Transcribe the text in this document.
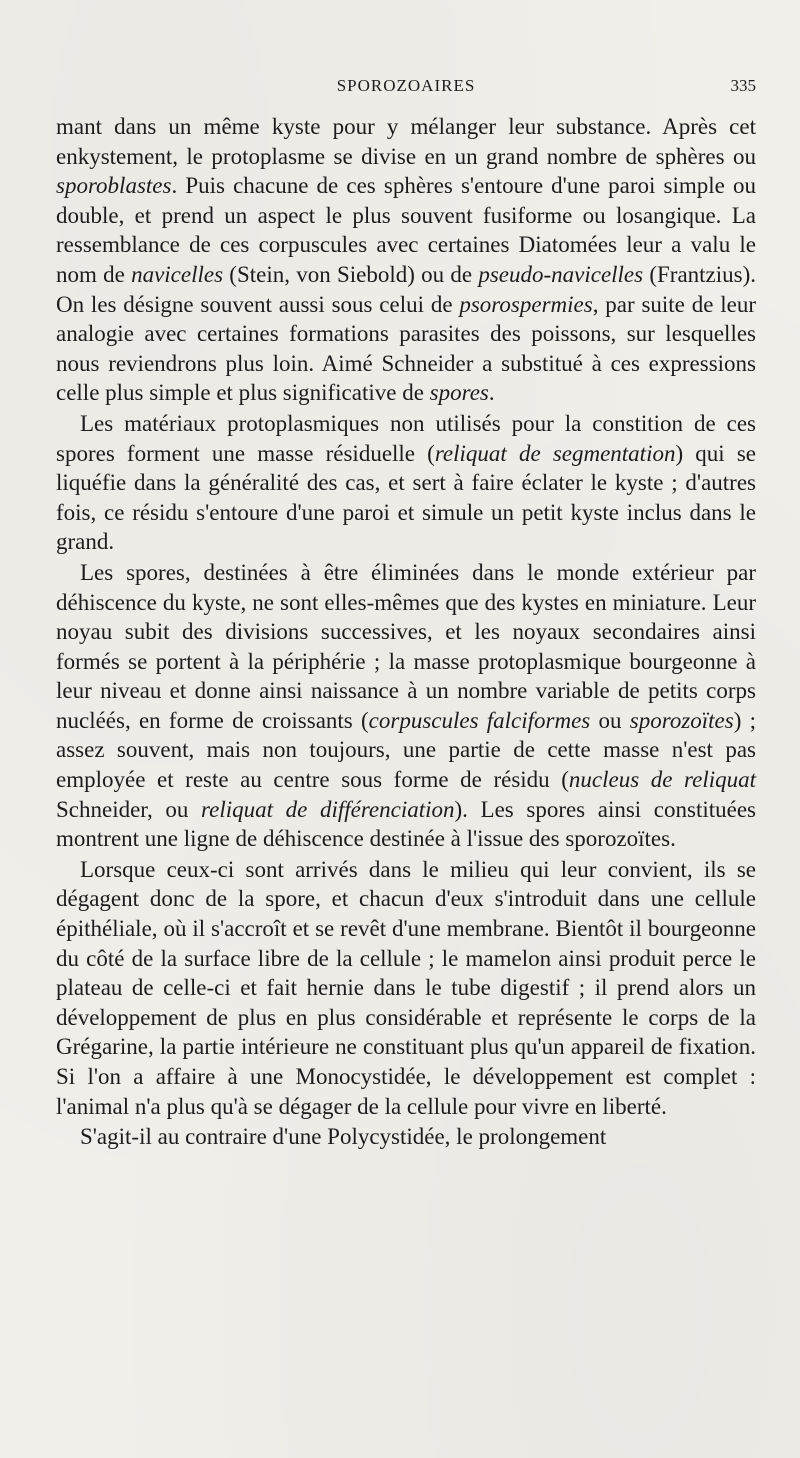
SPOROZOAIRES	335

mant dans un même kyste pour y mélanger leur substance. Après cet enkystement, le protoplasme se divise en un grand nombre de sphères ou sporoblastes. Puis chacune de ces sphères s'entoure d'une paroi simple ou double, et prend un aspect le plus souvent fusiforme ou losangique. La ressemblance de ces corpuscules avec certaines Diatomées leur a valu le nom de navicelles (Stein, von Siebold) ou de pseudo-navicelles (Frantzius). On les désigne souvent aussi sous celui de psorospermies, par suite de leur analogie avec certaines formations parasites des poissons, sur lesquelles nous reviendrons plus loin. Aimé Schneider a substitué à ces expressions celle plus simple et plus significative de spores.

Les matériaux protoplasmiques non utilisés pour la constition de ces spores forment une masse résiduelle (reliquat de segmentation) qui se liquéfie dans la généralité des cas, et sert à faire éclater le kyste ; d'autres fois, ce résidu s'entoure d'une paroi et simule un petit kyste inclus dans le grand.

Les spores, destinées à être éliminées dans le monde extérieur par déhiscence du kyste, ne sont elles-mêmes que des kystes en miniature. Leur noyau subit des divisions successives, et les noyaux secondaires ainsi formés se portent à la périphérie ; la masse protoplasmique bourgeonne à leur niveau et donne ainsi naissance à un nombre variable de petits corps nucléés, en forme de croissants (corpuscules falciformes ou sporozoïtes) ; assez souvent, mais non toujours, une partie de cette masse n'est pas employée et reste au centre sous forme de résidu (nucleus de reliquat Schneider, ou reliquat de différenciation). Les spores ainsi constituées montrent une ligne de déhiscence destinée à l'issue des sporozoïtes.

Lorsque ceux-ci sont arrivés dans le milieu qui leur convient, ils se dégagent donc de la spore, et chacun d'eux s'introduit dans une cellule épithéliale, où il s'accroît et se revêt d'une membrane. Bientôt il bourgeonne du côté de la surface libre de la cellule ; le mamelon ainsi produit perce le plateau de celle-ci et fait hernie dans le tube digestif ; il prend alors un développement de plus en plus considérable et représente le corps de la Grégarine, la partie intérieure ne constituant plus qu'un appareil de fixation. Si l'on a affaire à une Monocystidée, le développement est complet : l'animal n'a plus qu'à se dégager de la cellule pour vivre en liberté.

S'agit-il au contraire d'une Polycystidée, le prolongement
